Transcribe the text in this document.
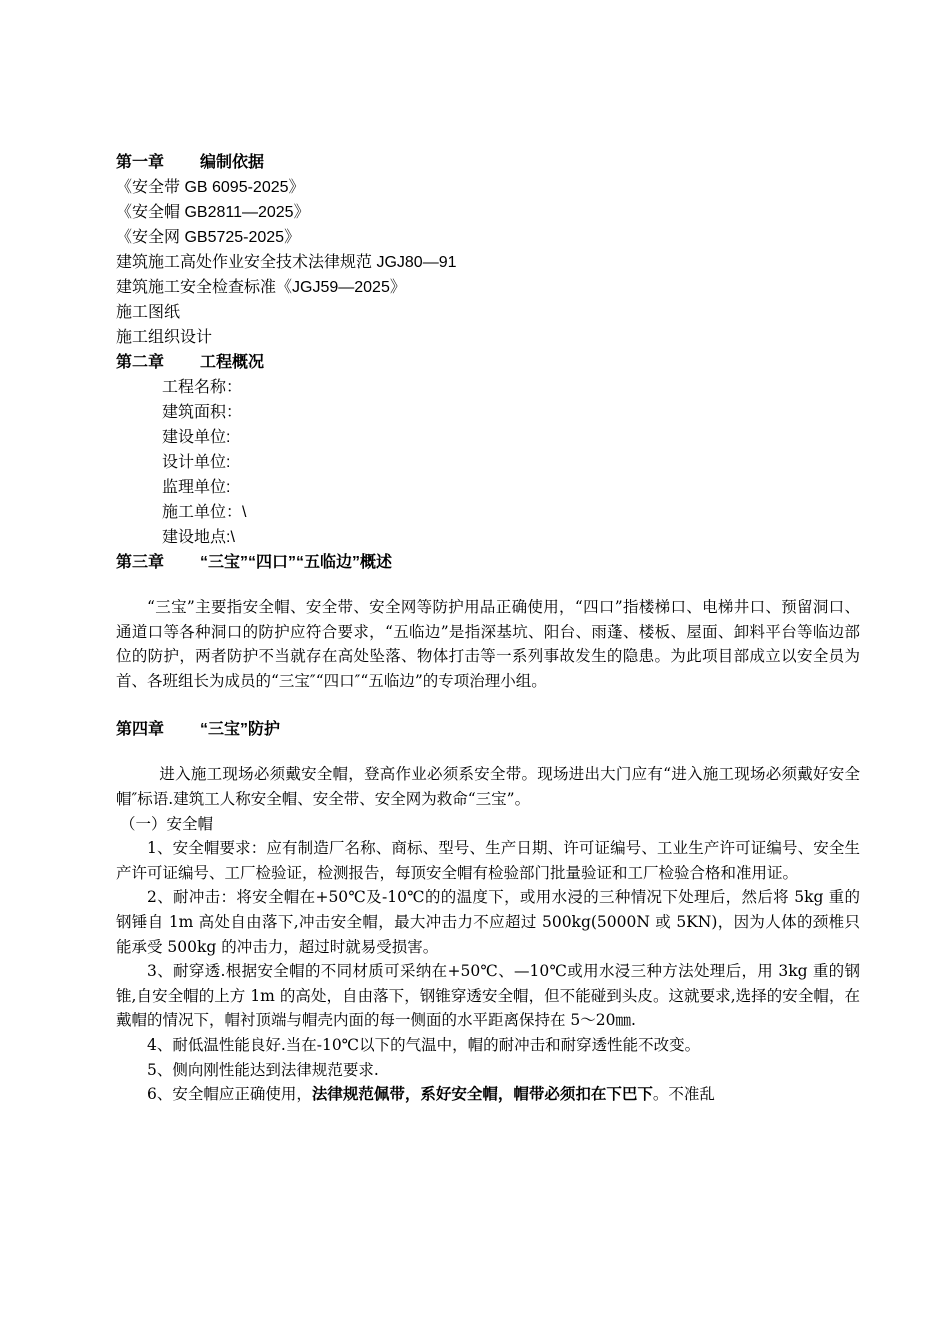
第一章 编制依据
《安全带 GB 6095-2025》
《安全帽 GB2811—2025》
《安全网 GB5725-2025》
建筑施工高处作业安全技术法律规范 JGJ80—91
建筑施工安全检查标准《JGJ59—2025》
施工图纸
施工组织设计
第二章 工程概况
工程名称：
建筑面积：
建设单位:
设计单位:
监理单位:
施工单位：\
建设地点:\
第三章 “三宝”“四口”“五临边”概述
“三宝”主要指安全帽、安全带、安全网等防护用品正确使用，“四口”指楼梯口、电梯井口、预留洞口、通道口等各种洞口的防护应符合要求，“五临边”是指深基坑、阳台、雨蓬、楼板、屋面、卸料平台等临边部位的防护，两者防护不当就存在高处坠落、物体打击等一系列事故发生的隐患。为此项目部成立以安全员为首、各班组长为成员的“三宝″“四口″“五临边”的专项治理小组。
第四章 “三宝”防护
进入施工现场必须戴安全帽，登高作业必须系安全带。现场进出大门应有“进入施工现场必须戴好安全帽″标语.建筑工人称安全帽、安全带、安全网为救命“三宝”。
（一）安全帽
1、安全帽要求：应有制造厂名称、商标、型号、生产日期、许可证编号、工业生产许可证编号、安全生产许可证编号、工厂检验证，检测报告，每顶安全帽有检验部门批量验证和工厂检验合格和准用证。
2、耐冲击：将安全帽在+50℃及-10℃的的温度下，或用水浸的三种情况下处理后，然后将 5kg 重的钢锤自 1m 高处自由落下,冲击安全帽，最大冲击力不应超过 500kg(5000N 或 5KN)，因为人体的颈椎只能承受 500kg 的冲击力，超过时就易受损害。
3、耐穿透.根据安全帽的不同材质可采纳在+50℃、—10℃或用水浸三种方法处理后，用 3kg 重的钢锥,自安全帽的上方 1m 的高处，自由落下，钢锥穿透安全帽，但不能碰到头皮。这就要求,选择的安全帽，在戴帽的情况下，帽衬顶端与帽壳内面的每一侧面的水平距离保持在 5～20㎜.
4、耐低温性能良好.当在-10℃以下的气温中，帽的耐冲击和耐穿透性能不改变。
5、侧向刚性能达到法律规范要求.
6、安全帽应正确使用，法律规范佩带，系好安全帽，帽带必须扣在下巴下。不准乱
